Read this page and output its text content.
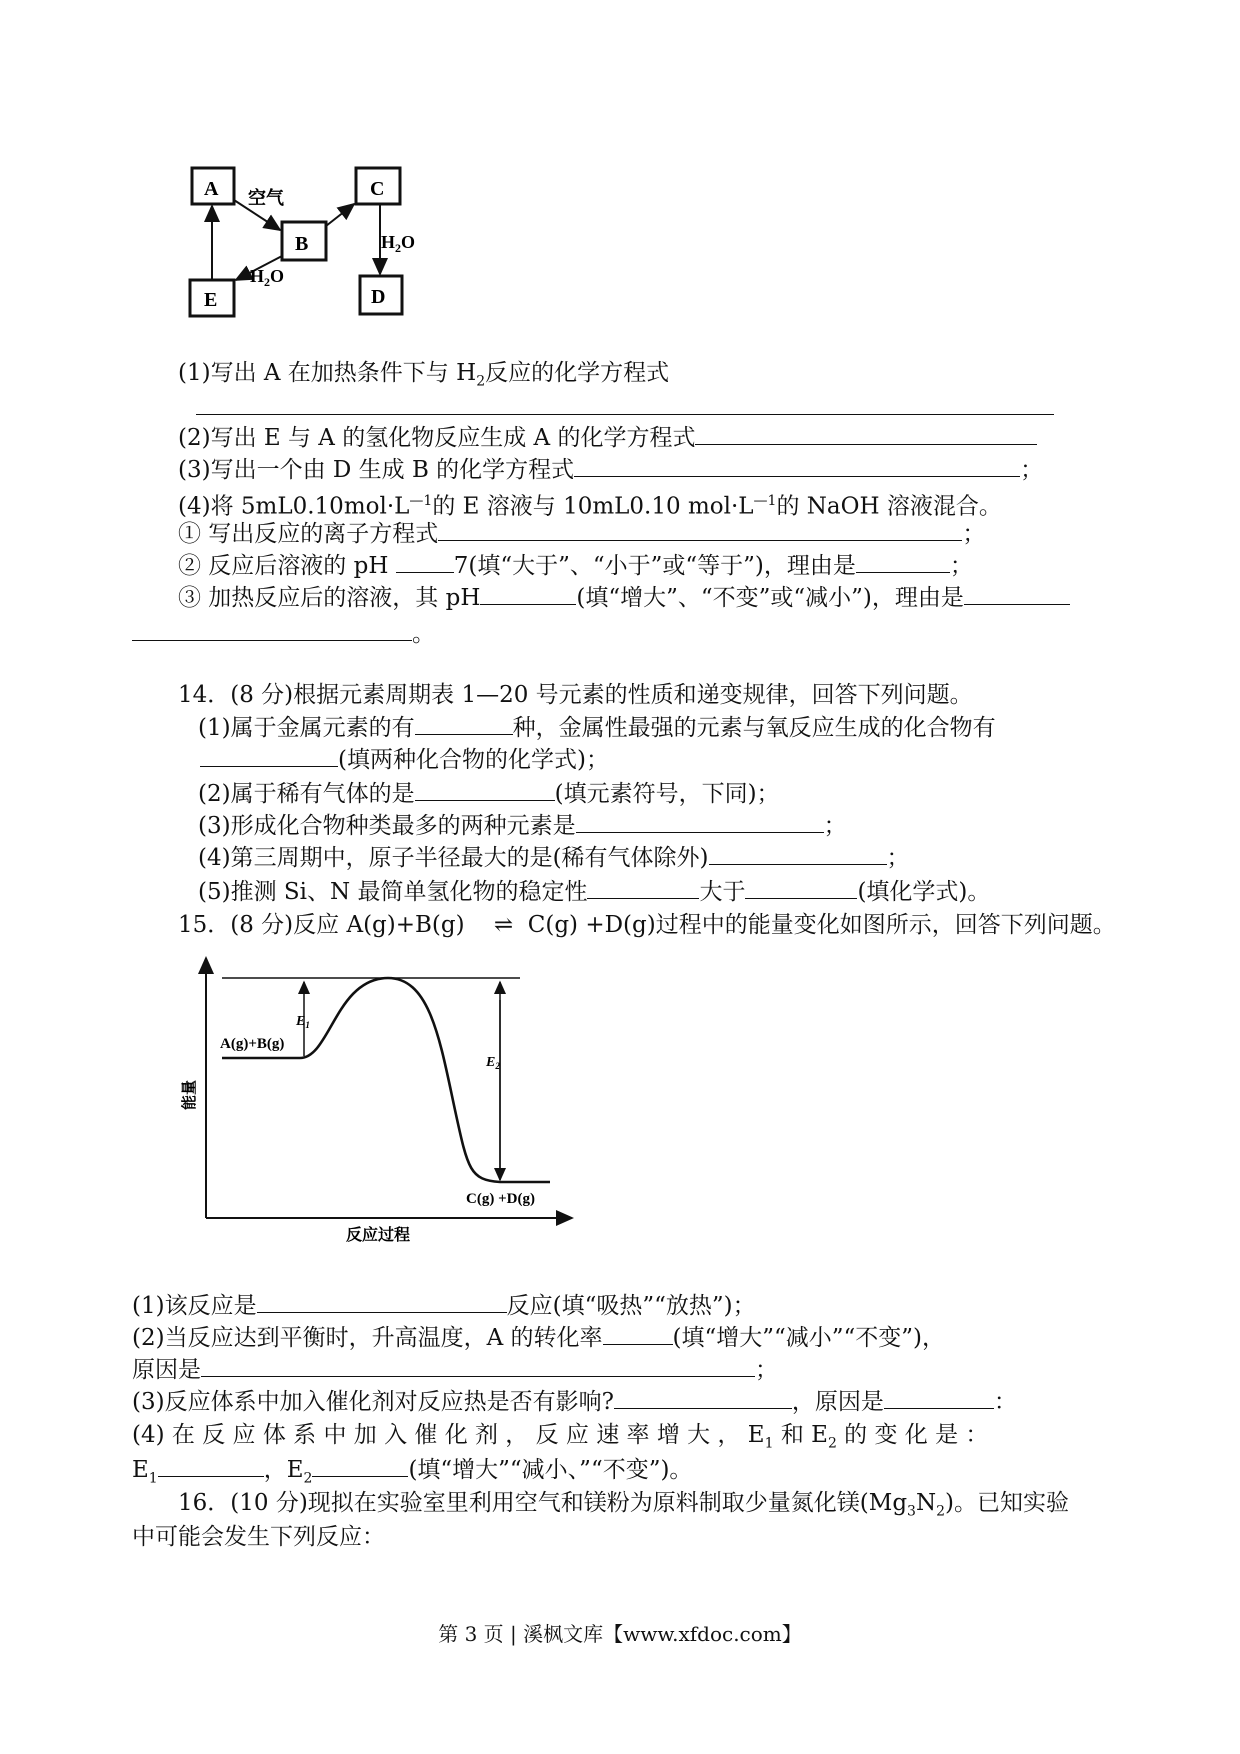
A
B
C
D
E
空气
$H_2O$
$H_2O$
(1)写出 A 在加热条件下与 $H_2$反应的化学方程式
(2)写出 E 与 A 的氢化物反应生成 A 的化学方程式
(3)写出一个由 D 生成 B 的化学方程式	；
(4)将 $5mL0.10mol\cdot L^{—1}$的 E 溶液与 10mL0.10 $mol\cdot L^{—1}$的 NaOH 溶液混合。
① 写出反应的离子方程式	；
② 反应后溶液的 pH	7(填“大于”、“小于”或“等于”)，理由是	；
③ 加热反应后的溶液，其 pH	(填“增大”、“不变”或“减小”)，理由是
。
14．(8 分)根据元素周期表 1—20 号元素的性质和递变规律，回答下列问题。
(1)属于金属元素的有	种，金属性最强的元素与氧反应生成的化合物有
(填两种化合物的化学式)；
(2)属于稀有气体的是	(填元素符号，下同)；
(3)形成化合物种类最多的两种元素是	；
(4)第三周期中，原子半径最大的是(稀有气体除外)	；
(5)推测 Si、N 最简单氢化物的稳定性	大于	(填化学式)。
15．(8 分)反应 A(g)+B(g) ⇌ C(g) +D(g)过程中的能量变化如图所示，回答下列问题。
A(g)+B(g)
C(g) +D(g)
$E_1$
$E_2$
反应过程
能量
(1)该反应是	反应(填“吸热”“放热”)；
(2)当反应达到平衡时，升高温度，A 的转化率	(填“增大”“减小”“不变”)，
原因是	；
(3)反应体系中加入催化剂对反应热是否有影响?	，原因是	：
(4) 在 反 应 体 系 中 加 入 催 化 剂 ， 反 应 速 率 增 大 ， $E_1$ 和 $E_2$ 的 变 化 是 ：
$E_1$	，$E_2$	(填“增大”“减小、”“不变”)。
16．(10 分)现拟在实验室里利用空气和镁粉为原料制取少量氮化镁$(Mg_3N_2)$。已知实验
中可能会发生下列反应：
第 3 页 | 溪枫文库【www.xfdoc.com】
